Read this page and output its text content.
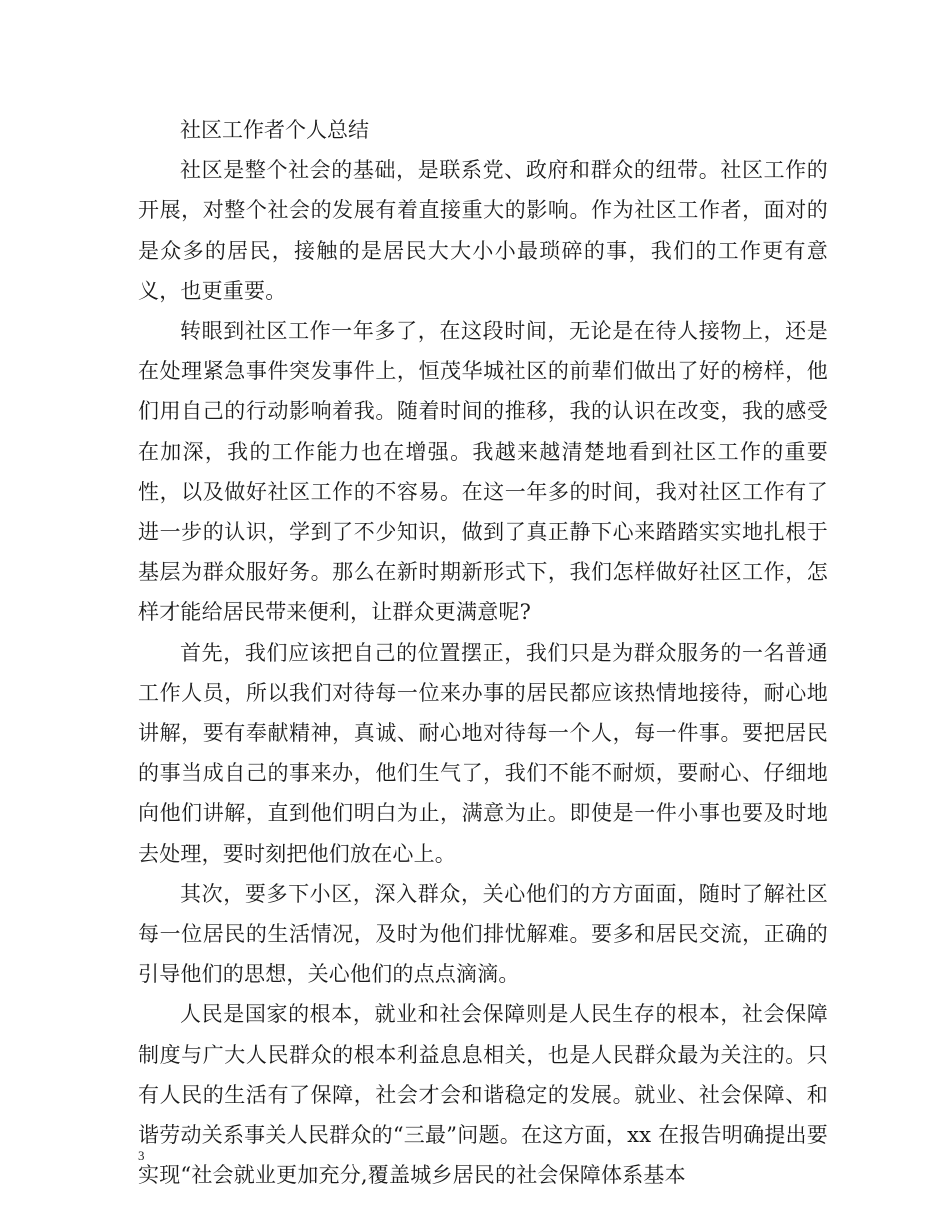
社区工作者个人总结

社区是整个社会的基础，是联系党、政府和群众的纽带。社区工作的开展，对整个社会的发展有着直接重大的影响。作为社区工作者，面对的是众多的居民，接触的是居民大大小小最琐碎的事，我们的工作更有意义，也更重要。

转眼到社区工作一年多了，在这段时间，无论是在待人接物上，还是在处理紧急事件突发事件上，恒茂华城社区的前辈们做出了好的榜样，他们用自己的行动影响着我。随着时间的推移，我的认识在改变，我的感受在加深，我的工作能力也在增强。我越来越清楚地看到社区工作的重要性，以及做好社区工作的不容易。在这一年多的时间，我对社区工作有了进一步的认识，学到了不少知识，做到了真正静下心来踏踏实实地扎根于基层为群众服好务。那么在新时期新形式下，我们怎样做好社区工作，怎样才能给居民带来便利，让群众更满意呢?

首先，我们应该把自己的位置摆正，我们只是为群众服务的一名普通工作人员，所以我们对待每一位来办事的居民都应该热情地接待，耐心地讲解，要有奉献精神，真诚、耐心地对待每一个人，每一件事。要把居民的事当成自己的事来办，他们生气了，我们不能不耐烦，要耐心、仔细地向他们讲解，直到他们明白为止，满意为止。即使是一件小事也要及时地去处理，要时刻把他们放在心上。

其次，要多下小区，深入群众，关心他们的方方面面，随时了解社区每一位居民的生活情况，及时为他们排忧解难。要多和居民交流，正确的引导他们的思想，关心他们的点点滴滴。

人民是国家的根本，就业和社会保障则是人民生存的根本，社会保障制度与广大人民群众的根本利益息息相关，也是人民群众最为关注的。只有人民的生活有了保障，社会才会和谐稳定的发展。就业、社会保障、和谐劳动关系事关人民群众的“三最”问题。在这方面，xx 在报告明确提出要实现“社会就业更加充分,覆盖城乡居民的社会保障体系基本

3
